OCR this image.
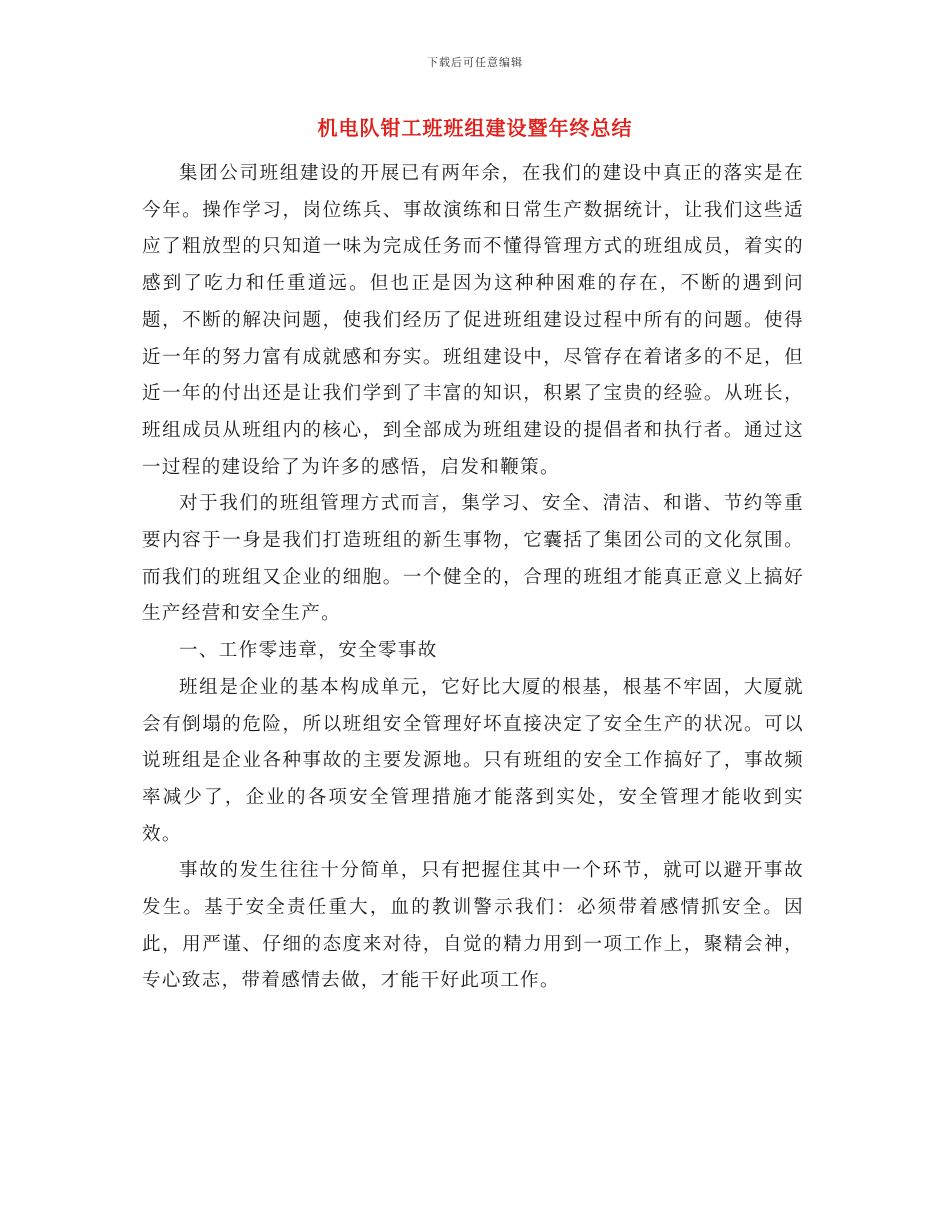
下载后可任意编辑
机电队钳工班班组建设暨年终总结

集团公司班组建设的开展已有两年余，在我们的建设中真正的落实是在今年。操作学习，岗位练兵、事故演练和日常生产数据统计，让我们这些适应了粗放型的只知道一味为完成任务而不懂得管理方式的班组成员，着实的感到了吃力和任重道远。但也正是因为这种种困难的存在，不断的遇到问题，不断的解决问题，使我们经历了促进班组建设过程中所有的问题。使得近一年的努力富有成就感和夯实。班组建设中，尽管存在着诸多的不足，但近一年的付出还是让我们学到了丰富的知识，积累了宝贵的经验。从班长，班组成员从班组内的核心，到全部成为班组建设的提倡者和执行者。通过这一过程的建设给了为许多的感悟，启发和鞭策。

对于我们的班组管理方式而言，集学习、安全、清洁、和谐、节约等重要内容于一身是我们打造班组的新生事物，它囊括了集团公司的文化氛围。而我们的班组又企业的细胞。一个健全的，合理的班组才能真正意义上搞好生产经营和安全生产。

一、工作零违章，安全零事故

班组是企业的基本构成单元，它好比大厦的根基，根基不牢固，大厦就会有倒塌的危险，所以班组安全管理好坏直接决定了安全生产的状况。可以说班组是企业各种事故的主要发源地。只有班组的安全工作搞好了，事故频率减少了，企业的各项安全管理措施才能落到实处，安全管理才能收到实效。

事故的发生往往十分简单，只有把握住其中一个环节，就可以避开事故发生。基于安全责任重大，血的教训警示我们：必须带着感情抓安全。因此，用严谨、仔细的态度来对待，自觉的精力用到一项工作上，聚精会神，专心致志，带着感情去做，才能干好此项工作。
